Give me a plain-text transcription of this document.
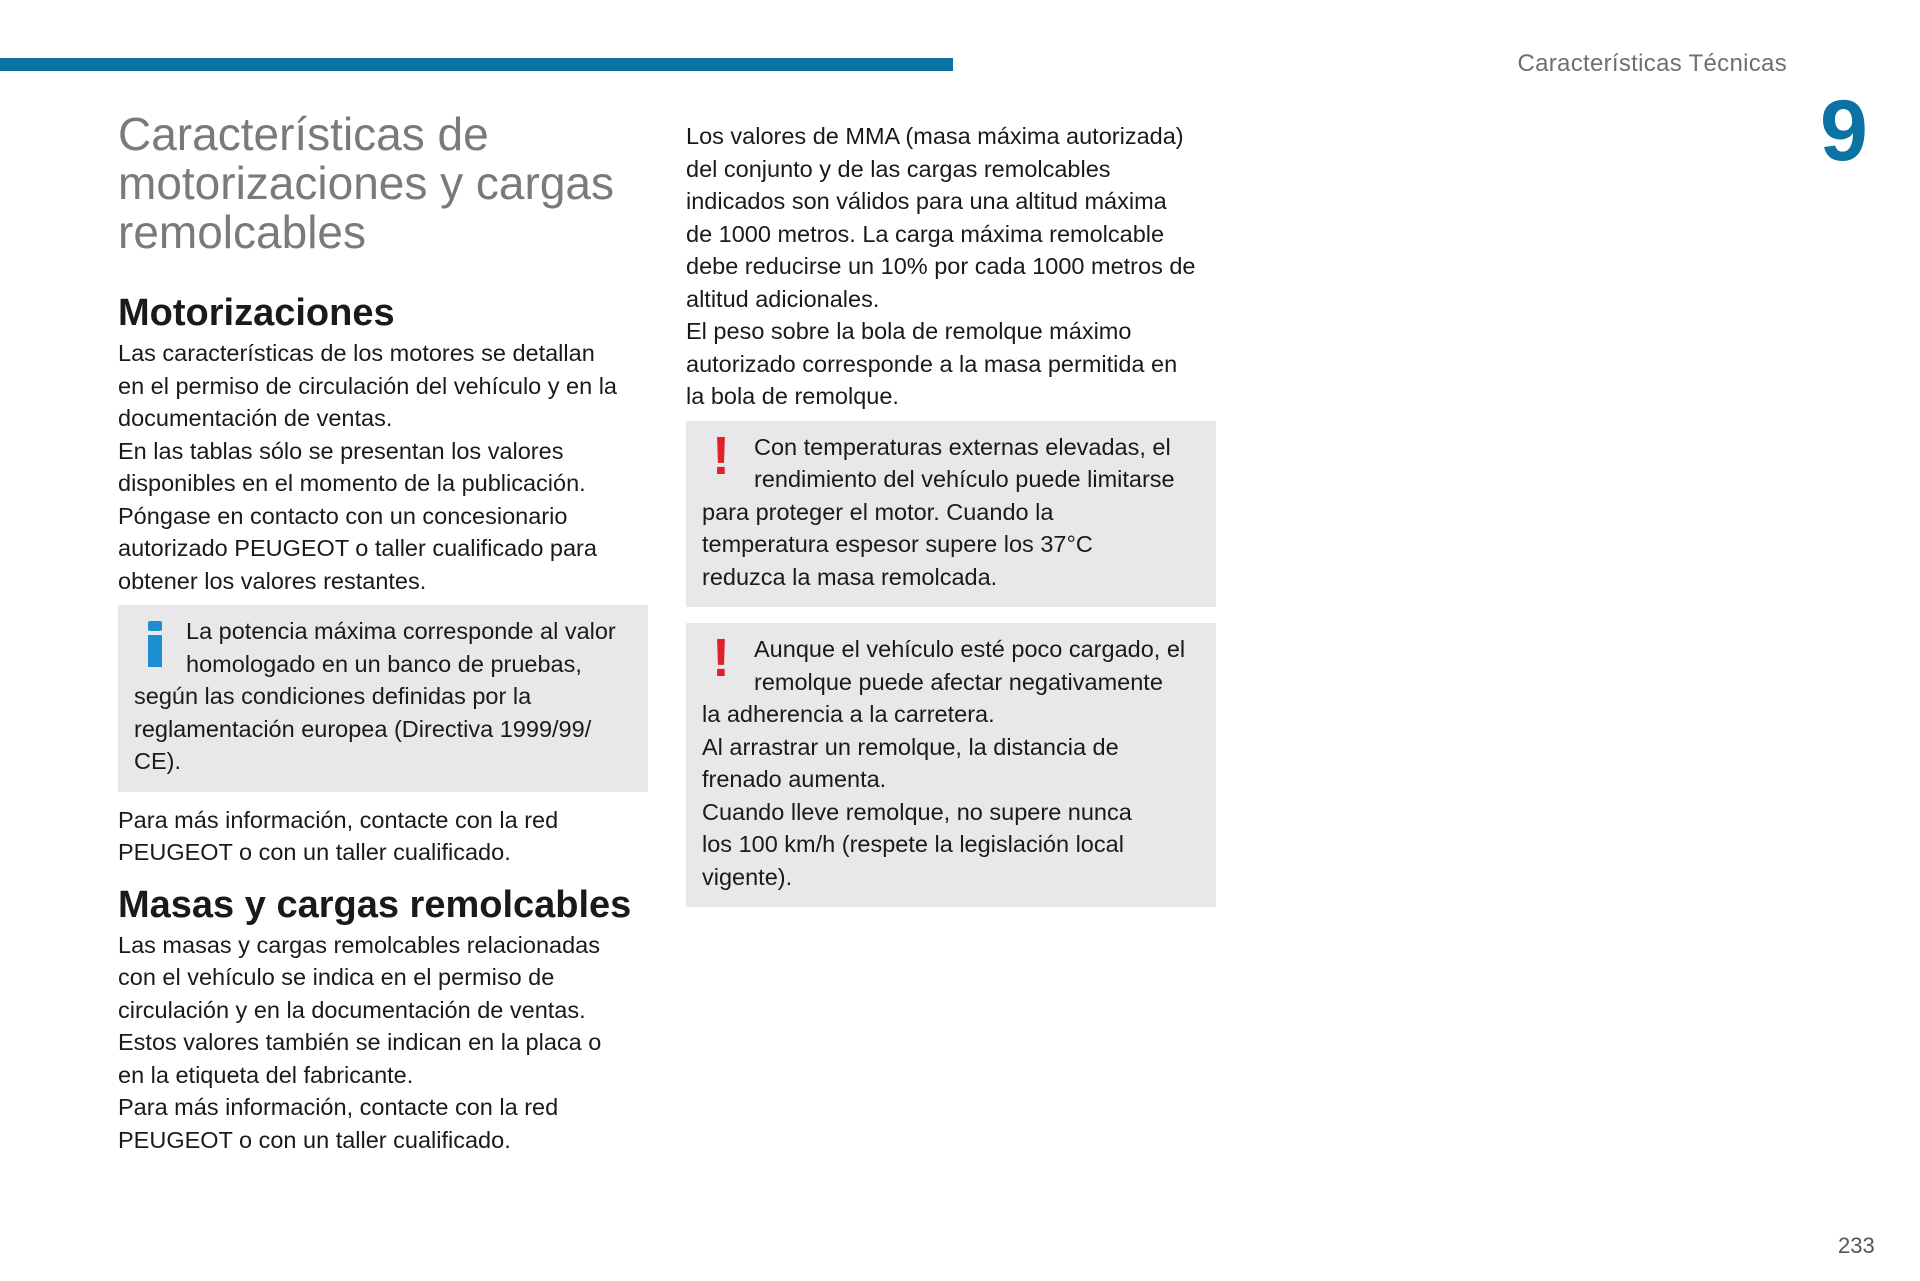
Características Técnicas
9
233
Características de
motorizaciones y cargas
remolcables
Motorizaciones

Las características de los motores se detallan
en el permiso de circulación del vehículo y en la
documentación de ventas.

En las tablas sólo se presentan los valores
disponibles en el momento de la publicación.
Póngase en contacto con un concesionario
autorizado PEUGEOT o taller cualificado para
obtener los valores restantes.

La potencia máxima corresponde al valor
homologado en un banco de pruebas,

según las condiciones definidas por la
reglamentación europea (Directiva 1999/99/
CE).

Para más información, contacte con la red
PEUGEOT o con un taller cualificado.

Masas y cargas remolcables

Las masas y cargas remolcables relacionadas
con el vehículo se indica en el permiso de
circulación y en la documentación de ventas.
Estos valores también se indican en la placa o
en la etiqueta del fabricante.
Para más información, contacte con la red
PEUGEOT o con un taller cualificado.

Los valores de MMA (masa máxima autorizada)
del conjunto y de las cargas remolcables
indicados son válidos para una altitud máxima
de 1000 metros. La carga máxima remolcable
debe reducirse un 10% por cada 1000 metros de
altitud adicionales.
El peso sobre la bola de remolque máximo
autorizado corresponde a la masa permitida en
la bola de remolque.

!	Con temperaturas externas elevadas, el
rendimiento del vehículo puede limitarse

para proteger el motor. Cuando la
temperatura espesor supere los 37°C
reduzca la masa remolcada.

!	Aunque el vehículo esté poco cargado, el
remolque puede afectar negativamente

la adherencia a la carretera.
Al arrastrar un remolque, la distancia de
frenado aumenta.
Cuando lleve remolque, no supere nunca
los 100 km/h (respete la legislación local
vigente).
